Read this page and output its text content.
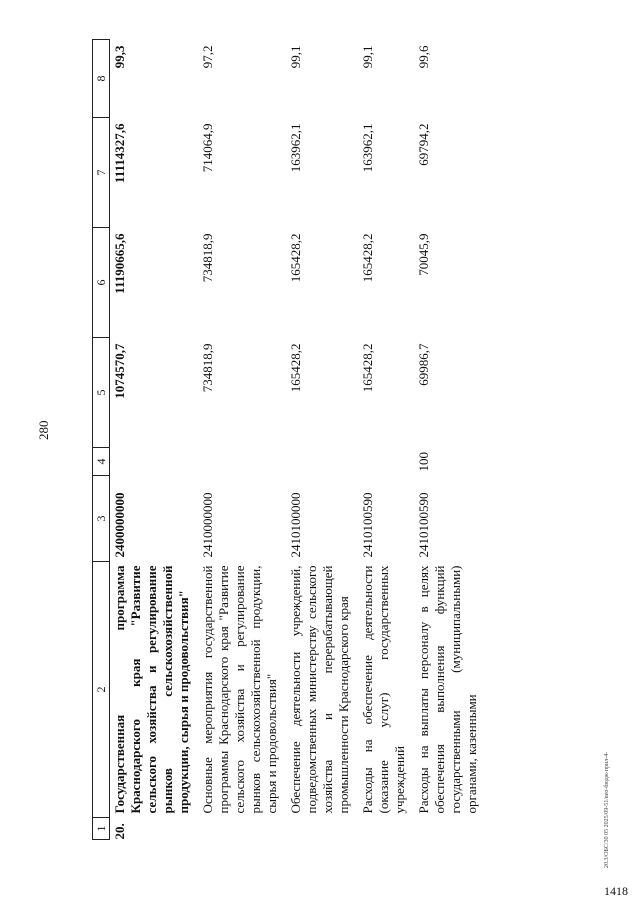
280
1418
20.3/ОБС/30 05 2025/09-51/вео-бюдж-прил-4-
1	2	3	4	5	6	7	8
20.	Государственная программа Краснодарского края "Развитие сельского хозяйства и регулирование рынков сельскохозяйственной продукции, сырья и продовольствия"	2400000000		1074570,7	11190665,6	11114327,6	99,3
	Основные мероприятия государственной программы Краснодарского края "Развитие сельского хозяйства и регулирование рынков сельскохозяйственной продукции, сырья и продовольствия"	2410000000		734818,9	734818,9	714064,9	97,2
	Обеспечение деятельности учреждений, подведомственных министерству сельского хозяйства и перерабатывающей промышленности Краснодарского края	2410100000		165428,2	165428,2	163962,1	99,1
	Расходы на обеспечение деятельности (оказание услуг) государственных учреждений	2410100590		165428,2	165428,2	163962,1	99,1
	Расходы на выплаты персоналу в целях обеспечения выполнения функций государственными (муниципальными) органами, казенными	2410100590	100	69986,7	70045,9	69794,2	99,6
